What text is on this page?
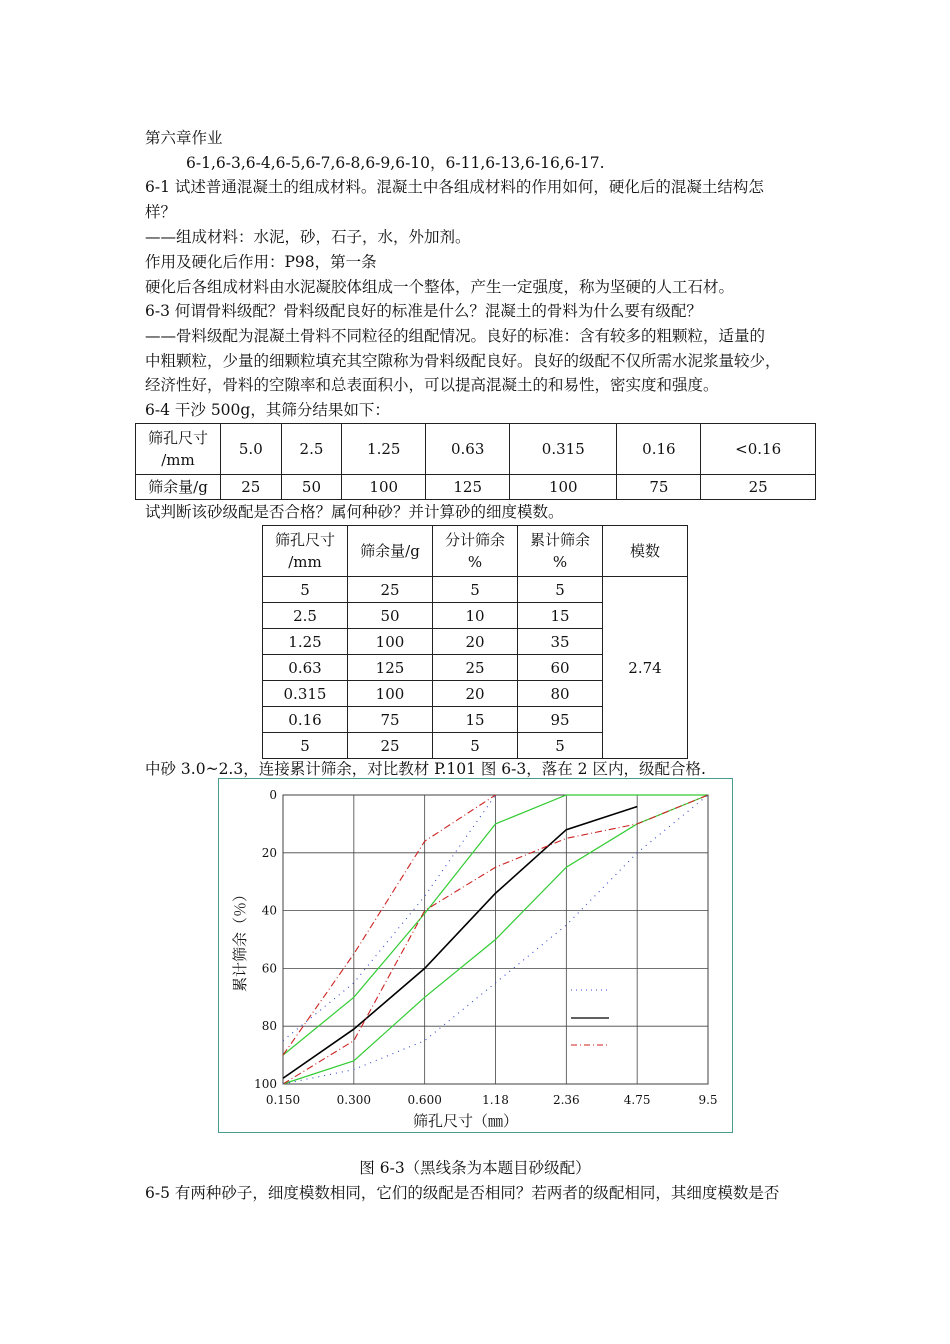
第六章作业
6-1,6-3,6-4,6-5,6-7,6-8,6-9,6-10，6-11,6-13,6-16,6-17.
6-1 试述普通混凝土的组成材料。混凝土中各组成材料的作用如何，硬化后的混凝土结构怎
样？
——组成材料：水泥，砂，石子，水，外加剂。
作用及硬化后作用：P98，第一条
硬化后各组成材料由水泥凝胶体组成一个整体，产生一定强度，称为坚硬的人工石材。
6-3 何谓骨料级配？骨料级配良好的标准是什么？混凝土的骨料为什么要有级配？
——骨料级配为混凝土骨料不同粒径的组配情况。良好的标准：含有较多的粗颗粒，适量的
中粗颗粒，少量的细颗粒填充其空隙称为骨料级配良好。良好的级配不仅所需水泥浆量较少，
经济性好，骨料的空隙率和总表面积小，可以提高混凝土的和易性，密实度和强度。
6-4 干沙 500g，其筛分结果如下：
筛孔尺寸
/mm	5.0	2.5	1.25	0.63	0.315	0.16	<0.16
筛余量/g	25	50	100	125	100	75	25
试判断该砂级配是否合格？属何种砂？并计算砂的细度模数。
筛孔尺寸
/mm	筛余量/g	分计筛余
%	累计筛余
%	模数
5	25	5	5	2.74
2.5	50	10	15	
1.25	100	20	35	
0.63	125	25	60	
0.315	100	20	80	
0.16	75	15	95	
5	25	5	5	
中砂 3.0~2.3，连接累计筛余，对比教材 P.101 图 6-3，落在 2 区内，级配合格.
0.150	0.300	0.600	1.18	2.36	4.75	9.5
0
20
40
60
80
100
筛孔尺寸（㎜）
累计筛余（％）
图 6-3（黑线条为本题目砂级配）
6-5 有两种砂子，细度模数相同，它们的级配是否相同？若两者的级配相同，其细度模数是否
